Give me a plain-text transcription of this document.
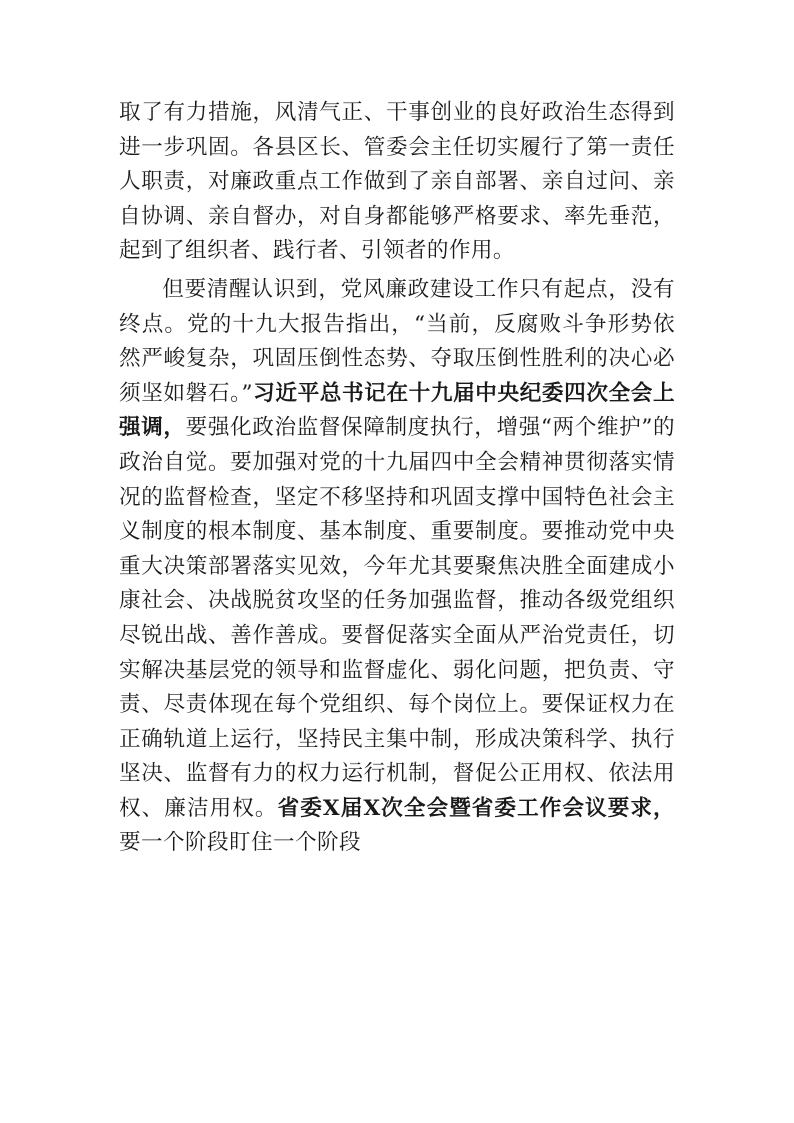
取了有力措施，风清气正、干事创业的良好政治生态得到进一步巩固。各县区长、管委会主任切实履行了第一责任人职责，对廉政重点工作做到了亲自部署、亲自过问、亲自协调、亲自督办，对自身都能够严格要求、率先垂范，起到了组织者、践行者、引领者的作用。

但要清醒认识到，党风廉政建设工作只有起点，没有终点。党的十九大报告指出，“当前，反腐败斗争形势依然严峻复杂，巩固压倒性态势、夺取压倒性胜利的决心必须坚如磐石。”习近平总书记在十九届中央纪委四次全会上强调，要强化政治监督保障制度执行，增强“两个维护”的政治自觉。要加强对党的十九届四中全会精神贯彻落实情况的监督检查，坚定不移坚持和巩固支撑中国特色社会主义制度的根本制度、基本制度、重要制度。要推动党中央重大决策部署落实见效，今年尤其要聚焦决胜全面建成小康社会、决战脱贫攻坚的任务加强监督，推动各级党组织尽锐出战、善作善成。要督促落实全面从严治党责任，切实解决基层党的领导和监督虚化、弱化问题，把负责、守责、尽责体现在每个党组织、每个岗位上。要保证权力在正确轨道上运行，坚持民主集中制，形成决策科学、执行坚决、监督有力的权力运行机制，督促公正用权、依法用权、廉洁用权。省委X届X次全会暨省委工作会议要求，要一个阶段盯住一个阶段
